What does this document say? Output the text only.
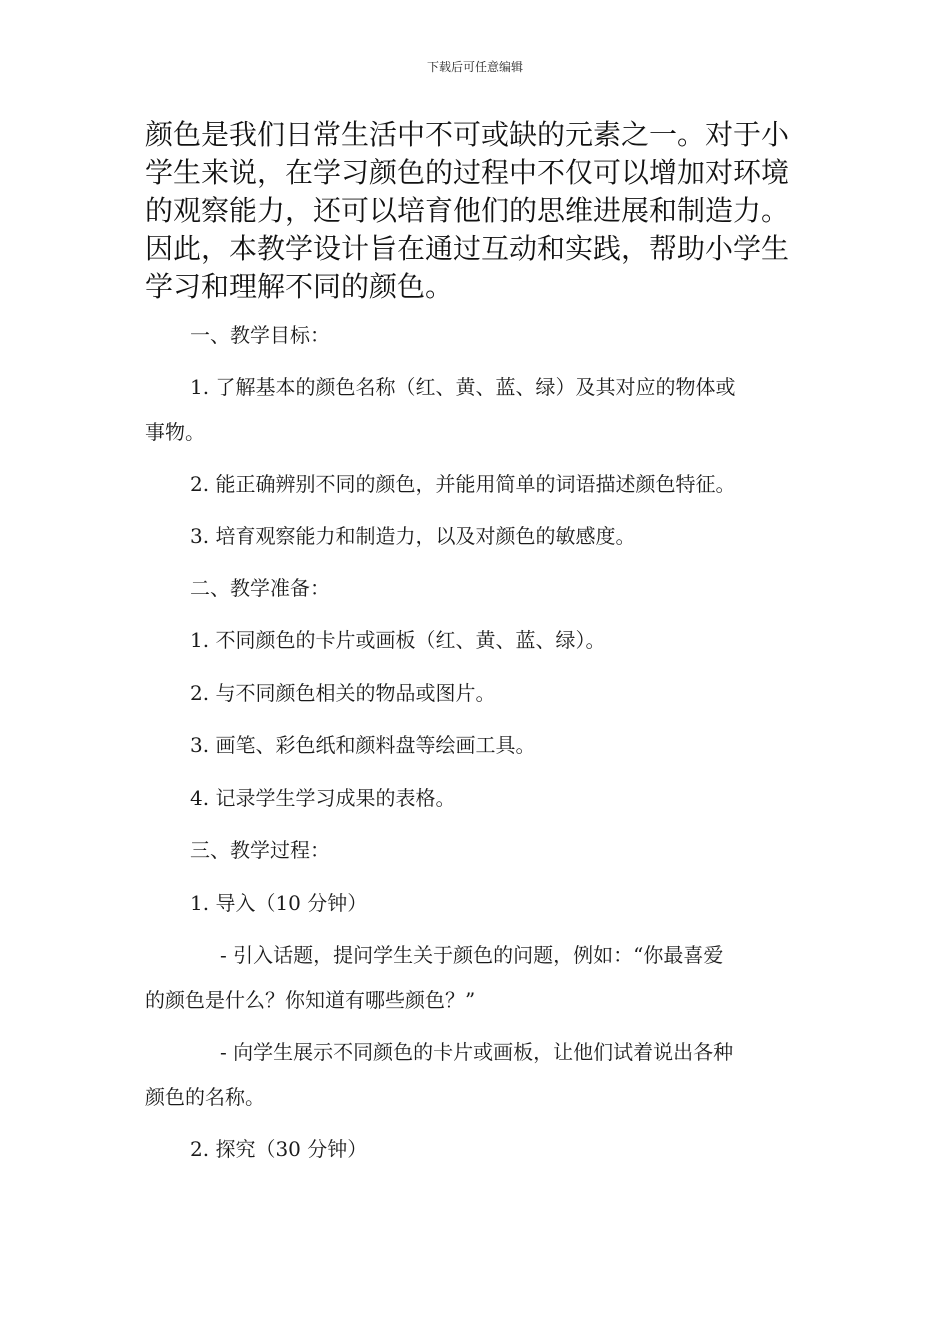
下载后可任意编辑

颜色是我们日常生活中不可或缺的元素之一。对于小学生来说，在学习颜色的过程中不仅可以增加对环境的观察能力，还可以培育他们的思维进展和制造力。因此，本教学设计旨在通过互动和实践，帮助小学生学习和理解不同的颜色。

一、教学目标：

1. 了解基本的颜色名称（红、黄、蓝、绿）及其对应的物体或

事物。

2. 能正确辨别不同的颜色，并能用简单的词语描述颜色特征。

3. 培育观察能力和制造力，以及对颜色的敏感度。

二、教学准备：

1. 不同颜色的卡片或画板（红、黄、蓝、绿）。

2. 与不同颜色相关的物品或图片。

3. 画笔、彩色纸和颜料盘等绘画工具。

4. 记录学生学习成果的表格。

三、教学过程：

1. 导入（10 分钟）

- 引入话题，提问学生关于颜色的问题，例如：“你最喜爱

的颜色是什么？你知道有哪些颜色？”

- 向学生展示不同颜色的卡片或画板，让他们试着说出各种

颜色的名称。

2. 探究（30 分钟）
